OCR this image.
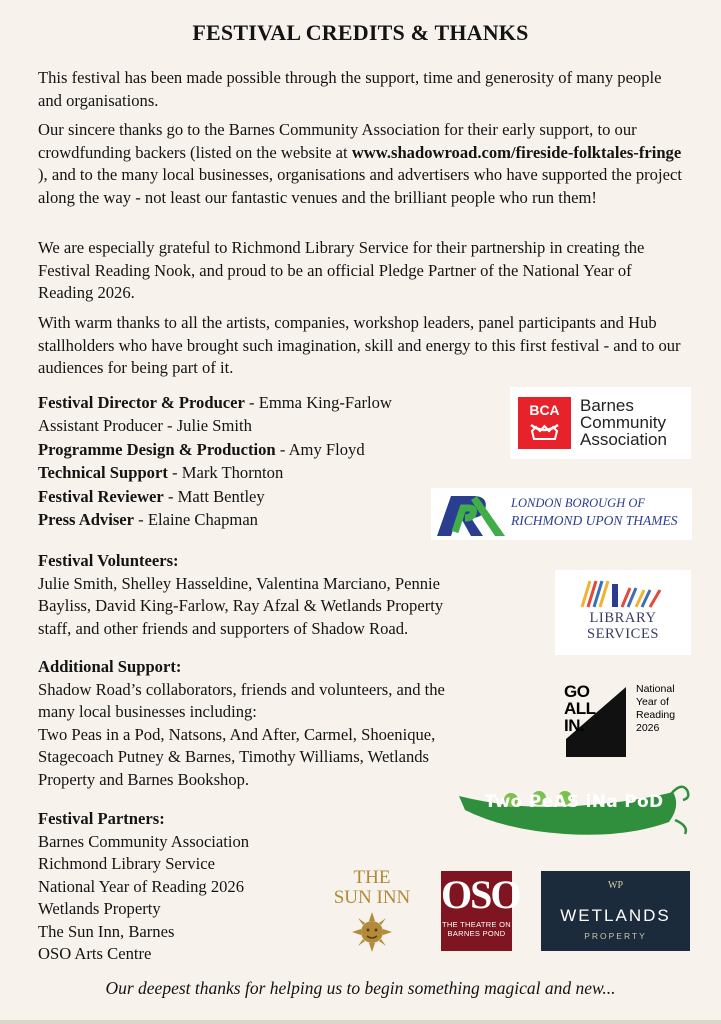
FESTIVAL CREDITS & THANKS

This festival has been made possible through the support, time and generosity of many people and organisations.

Our sincere thanks go to the Barnes Community Association for their early support, to our crowdfunding backers (listed on the website at www.shadowroad.com/fireside-folktales-fringe ), and to the many local businesses, organisations and advertisers who have supported the project along the way - not least our fantastic venues and the brilliant people who run them!

We are especially grateful to Richmond Library Service for their partnership in creating the Festival Reading Nook, and proud to be an official Pledge Partner of the National Year of Reading 2026.

With warm thanks to all the artists, companies, workshop leaders, panel participants and Hub stallholders who have brought such imagination, skill and energy to this first festival - and to our audiences for being part of it.

Festival Director & Producer - Emma King-Farlow
Assistant Producer - Julie Smith
Programme Design & Production - Amy Floyd
Technical Support - Mark Thornton
Festival Reviewer - Matt Bentley
Press Adviser - Elaine Chapman
Festival Volunteers:
Julie Smith, Shelley Hasseldine, Valentina Marciano, Pennie
Bayliss, David King-Farlow, Ray Afzal & Wetlands Property
staff, and other friends and supporters of Shadow Road.
Additional Support:
Shadow Road’s collaborators, friends and volunteers, and the
many local businesses including:
Two Peas in a Pod, Natsons, And After, Carmel, Shoenique,
Stagecoach Putney & Barnes, Timothy Williams, Wetlands
Property and Barnes Bookshop.
Festival Partners:
Barnes Community Association
Richmond Library Service
National Year of Reading 2026
Wetlands Property
The Sun Inn, Barnes
OSO Arts Centre
BCA	Barnes
Community
Association
LONDON BOROUGH OF
RICHMOND UPON THAMES
LIBRARY
SERVICES
GO
ALL
IN.
National
Year of
Reading
2026
Two PeAS iNa PoD
THE
SUN INN OSO
THE THEATRE ON
BARNES POND
WP
WETLANDS
PROPERTY
Our deepest thanks for helping us to begin something magical and new...
